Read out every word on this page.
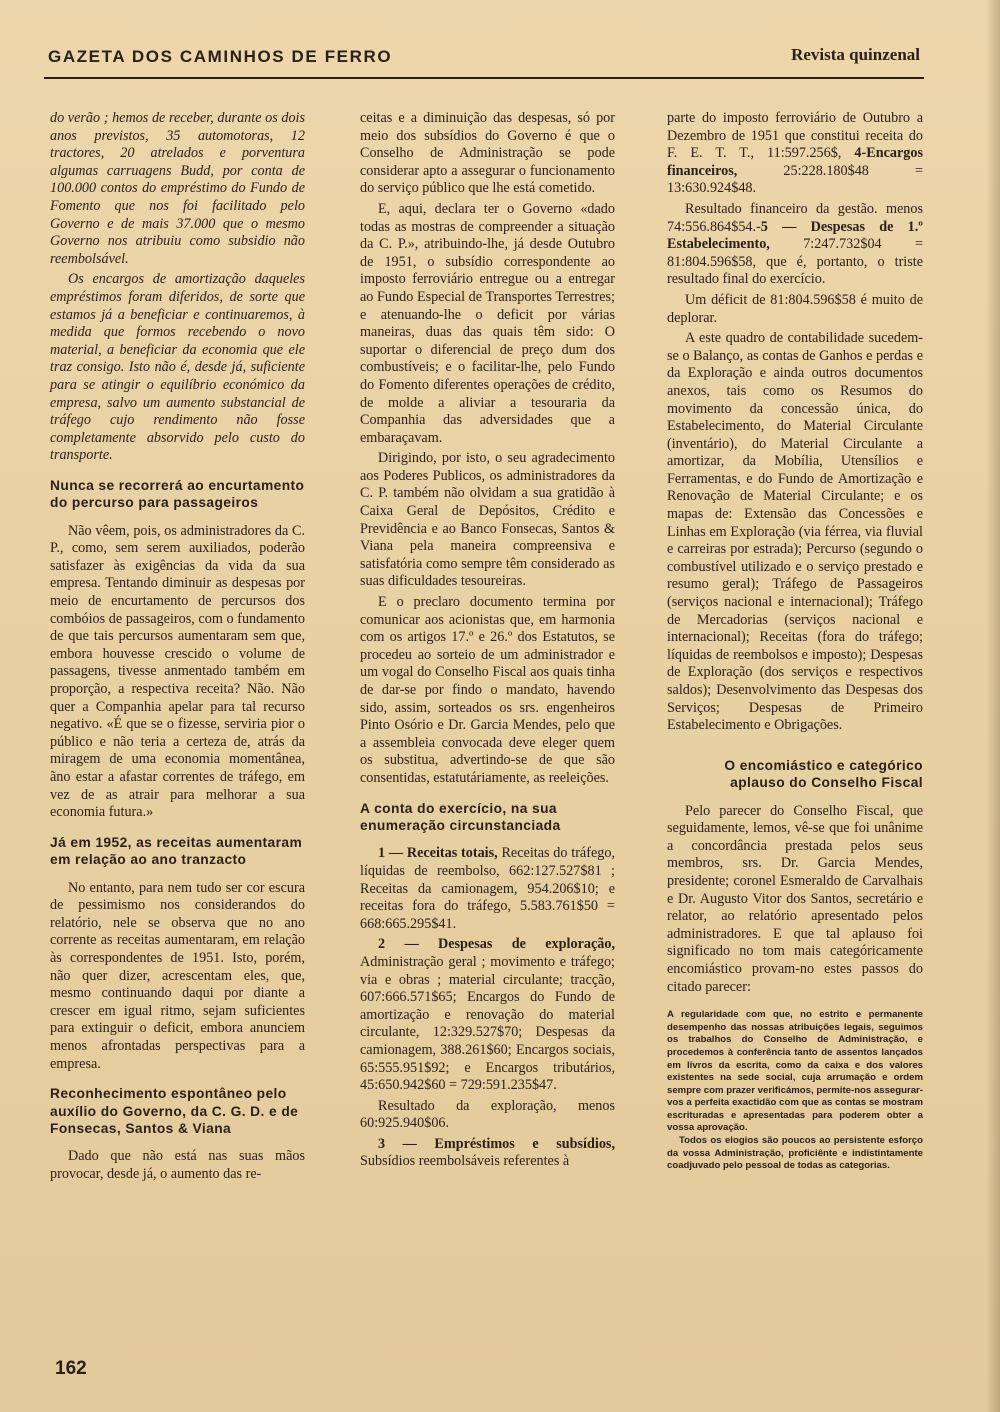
GAZETA DOS CAMINHOS DE FERRO	Revista quinzenal
do verão ; hemos de receber, durante os dois anos previstos, 35 automotoras, 12 tractores, 20 atrelados e porventura algumas carruagens Budd, por conta de 100.000 contos do empréstimo do Fundo de Fomento que nos foi facilitado pelo Governo e de mais 37.000 que o mesmo Governo nos atribuiu como subsidio não reembolsável.
Os encargos de amortização daqueles empréstimos foram diferidos, de sorte que estamos já a beneficiar e continuaremos, à medida que formos recebendo o novo material, a beneficiar da economia que ele traz consigo. Isto não é, desde já, suficiente para se atingir o equilíbrio económico da empresa, salvo um aumento substancial de tráfego cujo rendimento não fosse completamente absorvido pelo custo do transporte.
Nunca se recorrerá ao encurtamento do percurso para passageiros
Não vêem, pois, os administradores da C. P., como, sem serem auxiliados, poderão satisfazer às exigências da vida da sua empresa. Tentando diminuir as despesas por meio de encurtamento de percursos dos combóios de passageiros, com o fundamento de que tais percursos aumentaram sem que, embora houvesse crescido o volume de passagens, tivesse anmentado também em proporção, a respectiva receita? Não. Não quer a Companhia apelar para tal recurso negativo. «É que se o fizesse, serviria pior o público e não teria a certeza de, atrás da miragem de uma economia momentânea, ãno estar a afastar correntes de tráfego, em vez de as atrair para melhorar a sua economia futura.»
Já em 1952, as receitas aumentaram em relação ao ano tranzacto
No entanto, para nem tudo ser cor escura de pessimismo nos considerandos do relatório, nele se observa que no ano corrente as receitas aumentaram, em relação às correspondentes de 1951. Isto, porém, não quer dizer, acrescentam eles, que, mesmo continuando daqui por diante a crescer em igual ritmo, sejam suficientes para extinguir o deficit, embora anunciem menos afrontadas perspectivas para a empresa.
Reconhecimento espontâneo pelo auxílio do Governo, da C. G. D. e de Fonsecas, Santos & Viana
Dado que não está nas suas mãos provocar, desde já, o aumento das re-
ceitas e a diminuição das despesas, só por meio dos subsídios do Governo é que o Conselho de Administração se pode considerar apto a assegurar o funcionamento do serviço público que lhe está cometido.
E, aqui, declara ter o Governo «dado todas as mostras de compreender a situação da C. P.», atribuindo-lhe, já desde Outubro de 1951, o subsídio correspondente ao imposto ferroviário entregue ou a entregar ao Fundo Especial de Transportes Terrestres; e atenuando-lhe o deficit por várias maneiras, duas das quais têm sido: O suportar o diferencial de preço dum dos combustíveis; e o facilitar-lhe, pelo Fundo do Fomento diferentes operações de crédito, de molde a aliviar a tesouraria da Companhia das adversidades que a embaraçavam.
Dirigindo, por isto, o seu agradecimento aos Poderes Publicos, os administradores da C. P. também não olvidam a sua gratidão à Caixa Geral de Depósitos, Crédito e Previdência e ao Banco Fonsecas, Santos & Viana pela maneira compreensiva e satisfatória como sempre têm considerado as suas dificuldades tesoureiras.
E o preclaro documento termina por comunicar aos acionistas que, em harmonia com os artigos 17.º e 26.º dos Estatutos, se procedeu ao sorteio de um administrador e um vogal do Conselho Fiscal aos quais tinha de dar-se por findo o mandato, havendo sido, assim, sorteados os srs. engenheiros Pinto Osório e Dr. Garcia Mendes, pelo que a assembleia convocada deve eleger quem os substitua, advertindo-se de que são consentidas, estatutáriamente, as reeleições.
A conta do exercício, na sua enumeração circunstanciada
1 — Receitas totais, Receitas do tráfego, líquidas de reembolso, 662:127.527$81 ; Receitas da camionagem, 954.206$10; e receitas fora do tráfego, 5.583.761$50 = 668:665.295$41.
2 — Despesas de exploração, Administração geral ; movimento e tráfego; via e obras ; material circulante; tracção, 607:666.571$65; Encargos do Fundo de amortização e renovação do material circulante, 12:329.527$70; Despesas da camionagem, 388.261$60; Encargos sociais, 65:555.951$92; e Encargos tributários, 45:650.942$60 = 729:591.235$47.
Resultado da exploração, menos 60:925.940$06.
3 — Empréstimos e subsídios, Subsídios reembolsáveis referentes à
parte do imposto ferroviário de Outubro a Dezembro de 1951 que constitui receita do F. E. T. T., 11:597.256$, 4-Encargos financeiros, 25:228.180$48 = 13:630.924$48.
Resultado financeiro da gestão. menos 74:556.864$54.-5 — Despesas de 1.º Estabelecimento, 7:247.732$04 = 81:804.596$58, que é, portanto, o triste resultado final do exercício.
Um déficit de 81:804.596$58 é muito de deplorar.
A este quadro de contabilidade sucedem-se o Balanço, as contas de Ganhos e perdas e da Exploração e ainda outros documentos anexos, tais como os Resumos do movimento da concessão única, do Estabelecimento, do Material Circulante (inventário), do Material Circulante a amortizar, da Mobília, Utensílios e Ferramentas, e do Fundo de Amortização e Renovação de Material Circulante; e os mapas de: Extensão das Concessões e Linhas em Exploração (via férrea, via fluvial e carreiras por estrada); Percurso (segundo o combustível utilizado e o serviço prestado e resumo geral); Tráfego de Passageiros (serviços nacional e internacional); Tráfego de Mercadorias (serviços nacional e internacional); Receitas (fora do tráfego; líquidas de reembolsos e imposto); Despesas de Exploração (dos serviços e respectivos saldos); Desenvolvimento das Despesas dos Serviços; Despesas de Primeiro Estabelecimento e Obrigações.
O encomiástico e categórico aplauso do Conselho Fiscal
Pelo parecer do Conselho Fiscal, que seguidamente, lemos, vê-se que foi unânime a concordância prestada pelos seus membros, srs. Dr. Garcia Mendes, presidente; coronel Esmeraldo de Carvalhais e Dr. Augusto Vitor dos Santos, secretário e relator, ao relatório apresentado pelos administradores. E que tal aplauso foi significado no tom mais categóricamente encomiástico provam-no estes passos do citado parecer:
A regularidade com que, no estrito e permanente desempenho das nossas atribuições legais, seguimos os trabalhos do Conselho de Administração, e procedemos à conferência tanto de assentos lançados em livros da escrita, como da caixa e dos valores existentes na sede social, cuja arrumação e ordem sempre com prazer verificámos, permite-nos assegurar-vos a perfeita exactidão com que as contas se mostram escrituradas e apresentadas para poderem obter a vossa aprovação.
Todos os elogios são poucos ao persistente esforço da vossa Administração, proficiênte e indistintamente coadjuvado pelo pessoal de todas as categorias.
162
